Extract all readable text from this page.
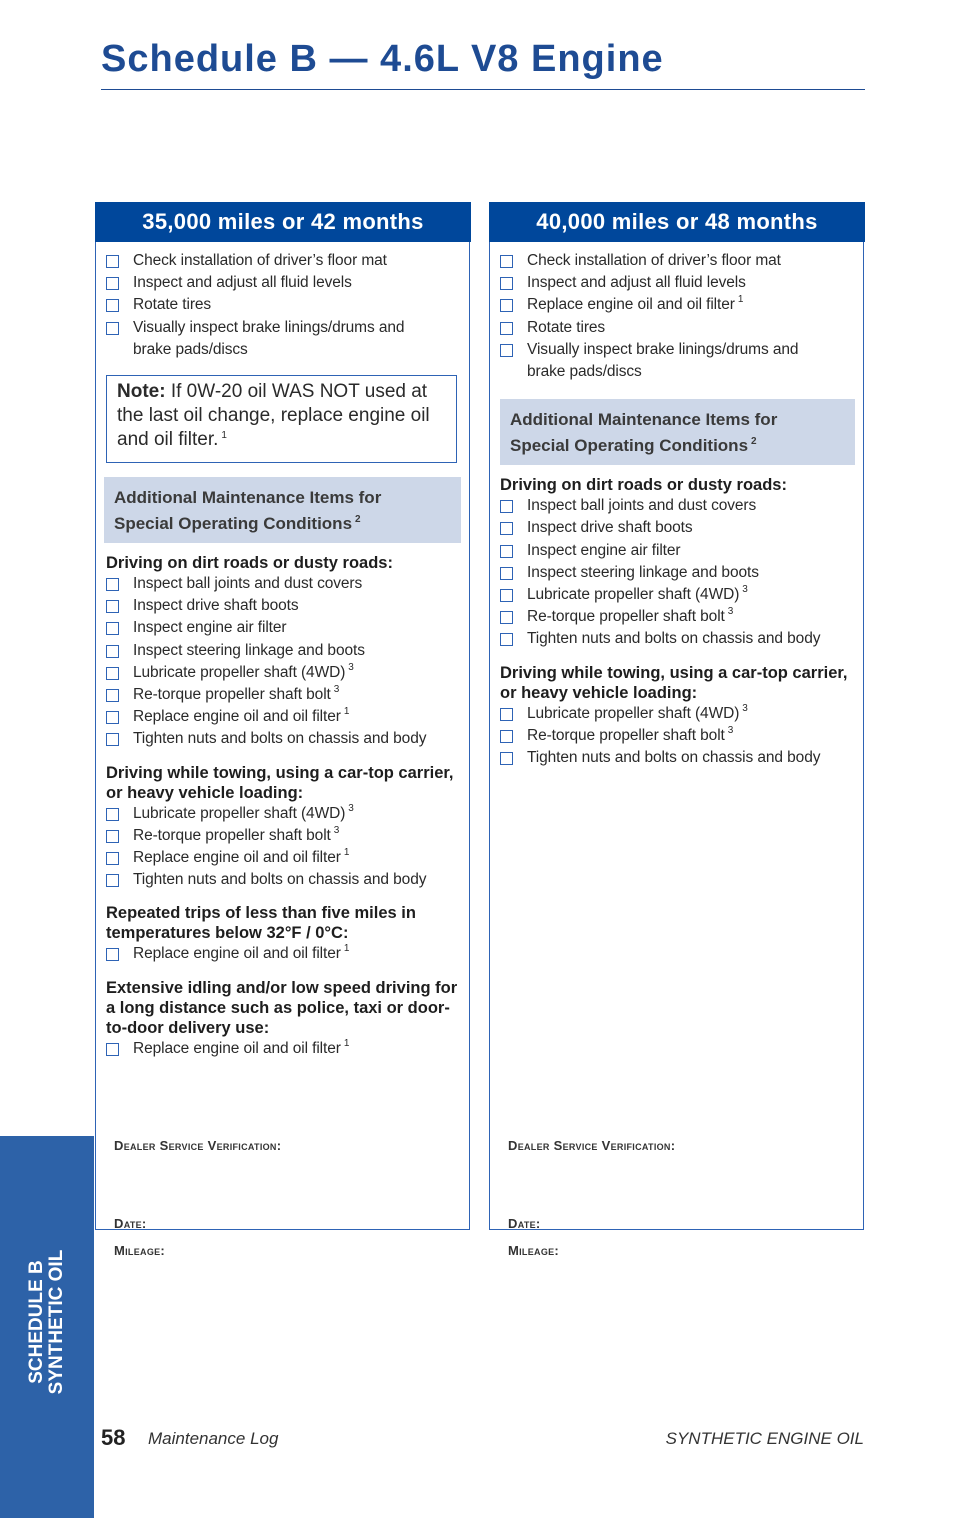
Schedule B — 4.6L V8 Engine
35,000 miles or 42 months
Check installation of driver’s floor mat
Inspect and adjust all fluid levels
Rotate tires
Visually inspect brake linings/drums and brake pads/discs
Note: If 0W-20 oil WAS NOT used at the last oil change, replace engine oil and oil filter. $^1$
Additional Maintenance Items for
Special Operating Conditions $^2$
Driving on dirt roads or dusty roads:
Inspect ball joints and dust covers
Inspect drive shaft boots
Inspect engine air filter
Inspect steering linkage and boots
Lubricate propeller shaft (4WD) $^3$
Re-torque propeller shaft bolt $^3$
Replace engine oil and oil filter $^1$
Tighten nuts and bolts on chassis and body
Driving while towing, using a car-top carrier, or heavy vehicle loading:
Lubricate propeller shaft (4WD) $^3$
Re-torque propeller shaft bolt $^3$
Replace engine oil and oil filter $^1$
Tighten nuts and bolts on chassis and body
Repeated trips of less than five miles in temperatures below 32°F / 0°C:
Replace engine oil and oil filter $^1$
Extensive idling and/or low speed driving for a long distance such as police, taxi or door-to-door delivery use:
Replace engine oil and oil filter $^1$
Dealer Service Verification:
Date:
Mileage:
40,000 miles or 48 months
Check installation of driver’s floor mat
Inspect and adjust all fluid levels
Replace engine oil and oil filter $^1$
Rotate tires
Visually inspect brake linings/drums and brake pads/discs
Additional Maintenance Items for
Special Operating Conditions $^2$
Driving on dirt roads or dusty roads:
Inspect ball joints and dust covers
Inspect drive shaft boots
Inspect engine air filter
Inspect steering linkage and boots
Lubricate propeller shaft (4WD) $^3$
Re-torque propeller shaft bolt $^3$
Tighten nuts and bolts on chassis and body
Driving while towing, using a car-top carrier, or heavy vehicle loading:
Lubricate propeller shaft (4WD) $^3$
Re-torque propeller shaft bolt $^3$
Tighten nuts and bolts on chassis and body
Dealer Service Verification:
Date:
Mileage:
SCHEDULE B SYNTHETIC OIL
58 Maintenance Log	SYNTHETIC ENGINE OIL
